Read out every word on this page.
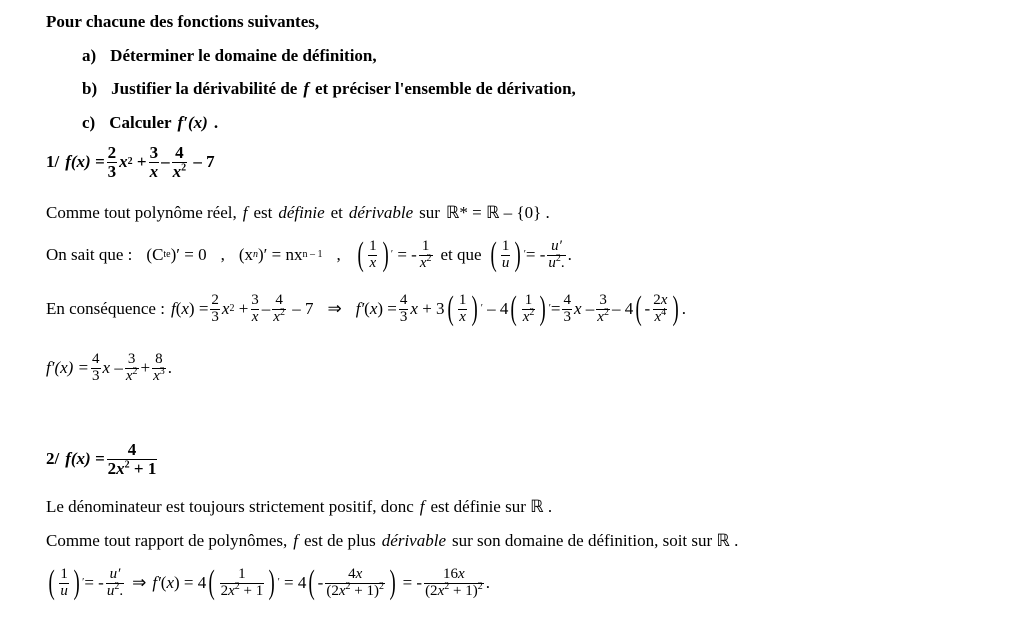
Pour chacune des fonctions suivantes,
a) Déterminer le domaine de définition,
b) Justifier la dérivabilité de f et préciser l'ensemble de dérivation,
c) Calculer f′(x) .
1/ $f(x) = \frac{2}{3}$ x $2 + \frac{3}{x} - \frac{4}{x^2} - 7$
Comme tout polynôme réel, f est définie et dérivable sur ℝ* = ℝ – {0} .
On sait que : (C te )′ = 0 , (x n )′ = nx n – 1 , ( $\frac{1}{x}$ ) ′ = - $\frac{1}{x^2}$ et que ( $\frac{1}{u}$ ) ′ = - $\frac{u'}{u^2.}$ .
En conséquence : f ( x ) = $\frac{2}{3}$ x $2 + \frac{3}{x} - \frac{4}{x^2} - 7$ ⇒ f′ ( x ) = $\frac{4}{3}$ x + 3 ( $\frac{1}{x}$ ) ′ – 4 ( $\frac{1}{x^2}$ ) ′ = $\frac{4}{3}$ x – $\frac{3}{x^2} - 4$ ( - $\frac{2x}{x^4}$ ) .
$f'(x) = \frac{4}{3}$ $x - \frac{3}{x^2} + \frac{8}{x^3}$ .
2/ $f(x) = \frac{4}{2x^2 + 1}$
Le dénominateur est toujours strictement positif, donc f est définie sur ℝ .
Comme tout rapport de polynômes, f est de plus dérivable sur son domaine de définition, soit sur ℝ .
( $\frac{1}{u}$ ) ′ = - $\frac{u'}{u^2.}$ ⇒ f′ ( x ) = 4 ( $\frac{1}{2x^2 + 1}$ ) ′ = 4 ( - $\frac{4x}{(2x^2 + 1)^2}$ ) = - $\frac{16x}{(2x^2 + 1)^2}$ .
